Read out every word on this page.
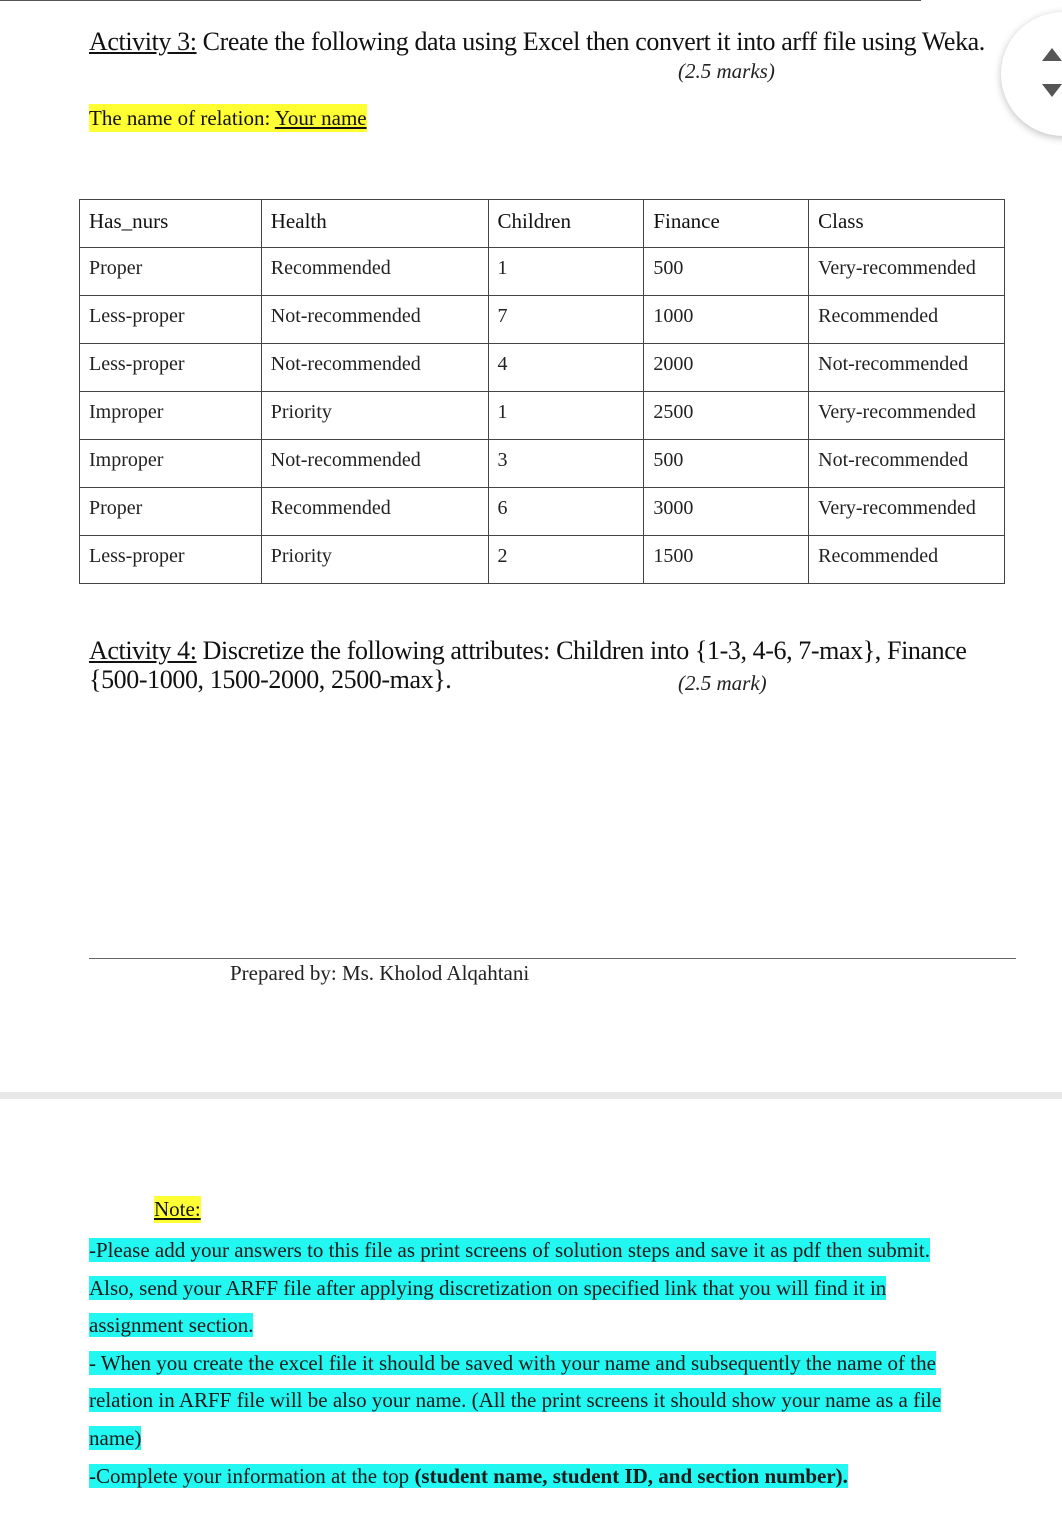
Activity 3: Create the following data using Excel then convert it into arff file using Weka.
(2.5 marks)
The name of relation: Your name
Has_nurs	Health	Children	Finance	Class
Proper	Recommended	1	500	Very-recommended
Less-proper	Not-recommended	7	1000	Recommended
Less-proper	Not-recommended	4	2000	Not-recommended
Improper	Priority	1	2500	Very-recommended
Improper	Not-recommended	3	500	Not-recommended
Proper	Recommended	6	3000	Very-recommended
Less-proper	Priority	2	1500	Recommended
Activity 4: Discretize the following attributes: Children into {1-3, 4-6, 7-max}, Finance {500-1000, 1500-2000, 2500-max}.	(2.5 mark)
Prepared by: Ms. Kholod Alqahtani
Note:
-Please add your answers to this file as print screens of solution steps and save it as pdf then submit.
Also, send your ARFF file after applying discretization on specified link that you will find it in
assignment section.
- When you create the excel file it should be saved with your name and subsequently the name of the
relation in ARFF file will be also your name. (All the print screens it should show your name as a file
name)
-Complete your information at the top (student name, student ID, and section number).
